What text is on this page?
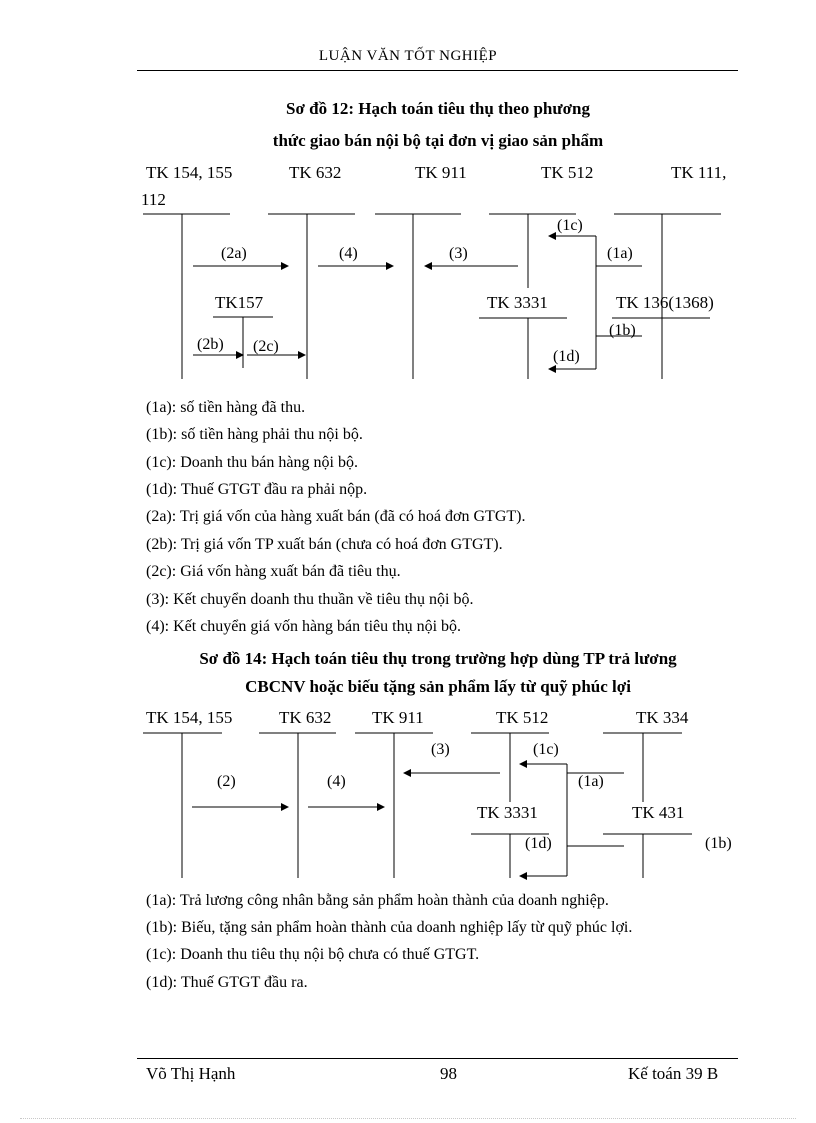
LUẬN VĂN TỐT NGHIỆP
Sơ đồ 12: Hạch toán tiêu thụ theo phương
thức giao bán nội bộ tại đơn vị giao sản phẩm
TK 154, 155
112
TK 632	TK 911	TK 512	TK 111,
TK157	TK 3331	TK 136(1368)
(2a)	(4)	(3)
(1c)
(1a)
(1b)
(1d)
(2b) (2c)
(1a): số tiền hàng đã thu.
(1b): số tiền hàng phải thu nội bộ.
(1c): Doanh thu bán hàng nội bộ.
(1d): Thuế GTGT đầu ra phải nộp.
(2a): Trị giá vốn của hàng xuất bán (đã có hoá đơn GTGT).
(2b): Trị giá vốn TP xuất bán (chưa có hoá đơn GTGT).
(2c): Giá vốn hàng xuất bán đã tiêu thụ.
(3): Kết chuyển doanh thu thuần về tiêu thụ nội bộ.
(4): Kết chuyển giá vốn hàng bán tiêu thụ nội bộ.
Sơ đồ 14: Hạch toán tiêu thụ trong trường hợp dùng TP trả lương
CBCNV hoặc biếu tặng sản phẩm lấy từ quỹ phúc lợi
TK 154, 155	TK 632 TK 911	TK 512	TK 334
TK 3331	TK 431
(2)	(4)
(3)	(1c)
(1a)
(1d)	(1b)
(1a): Trả lương công nhân bằng sản phẩm hoàn thành của doanh nghiệp.
(1b): Biếu, tặng sản phẩm hoàn thành của doanh nghiệp lấy từ quỹ phúc lợi.
(1c): Doanh thu tiêu thụ nội bộ chưa có thuế GTGT.
(1d): Thuế GTGT đầu ra.
Võ Thị Hạnh	98	Kế toán 39 B
